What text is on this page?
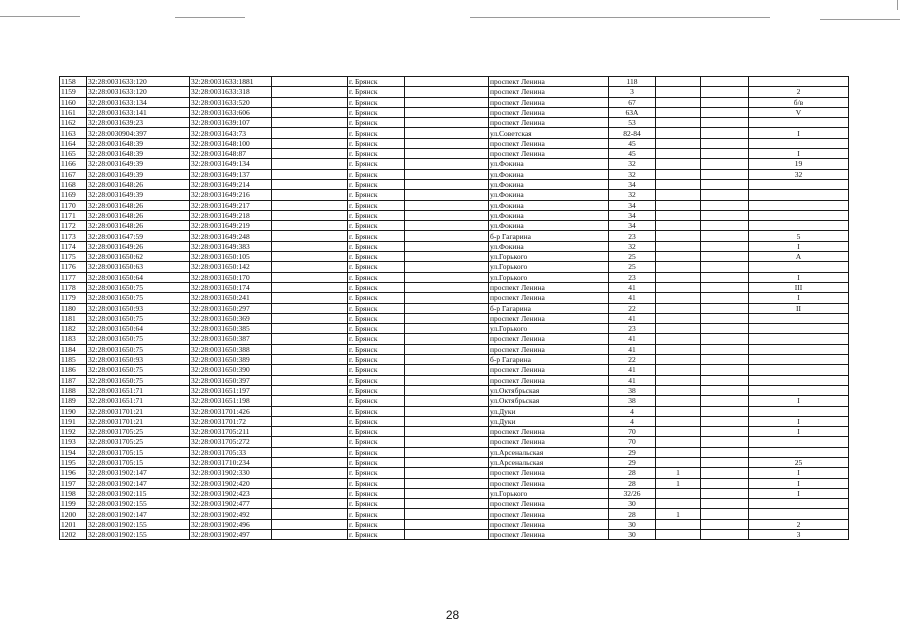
1158	32:28:0031633:120	32:28:0031633:1881		г. Брянск		проспект Ленина	118			
1159	32:28:0031633:120	32:28:0031633:318		г. Брянск		проспект Ленина	3			2
1160	32:28:0031633:134	32:28:0031633:520		г. Брянск		проспект Ленина	67			б/в
1161	32:28:0031633:141	32:28:0031633:606		г. Брянск		проспект Ленина	63А			V
1162	32:28:0031639:23	32:28:0031639:107		г. Брянск		проспект Ленина	53			
1163	32:28:0030904:397	32:28:0031643:73		г. Брянск		ул.Советская	82-84			I
1164	32:28:0031648:39	32:28:0031648:100		г. Брянск		проспект Ленина	45			
1165	32:28:0031648:39	32:28:0031648:87		г. Брянск		проспект Ленина	45			I
1166	32:28:0031649:39	32:28:0031649:134		г. Брянск		ул.Фокина	32			19
1167	32:28:0031649:39	32:28:0031649:137		г. Брянск		ул.Фокина	32			32
1168	32:28:0031648:26	32:28:0031649:214		г. Брянск		ул.Фокина	34			
1169	32:28:0031649:39	32:28:0031649:216		г. Брянск		ул.Фокина	32			
1170	32:28:0031648:26	32:28:0031649:217		г. Брянск		ул.Фокина	34			
1171	32:28:0031648:26	32:28:0031649:218		г. Брянск		ул.Фокина	34			
1172	32:28:0031648:26	32:28:0031649:219		г. Брянск		ул.Фокина	34			
1173	32:28:0031647:59	32:28:0031649:248		г. Брянск		б-р Гагарина	23			5
1174	32:28:0031649:26	32:28:0031649:383		г. Брянск		ул.Фокина	32			I
1175	32:28:0031650:62	32:28:0031650:105		г. Брянск		ул.Горького	25			А
1176	32:28:0031650:63	32:28:0031650:142		г. Брянск		ул.Горького	25			
1177	32:28:0031650:64	32:28:0031650:170		г. Брянск		ул.Горького	23			I
1178	32:28:0031650:75	32:28:0031650:174		г. Брянск		проспект Ленина	41			III
1179	32:28:0031650:75	32:28:0031650:241		г. Брянск		проспект Ленина	41			I
1180	32:28:0031650:93	32:28:0031650:297		г. Брянск		б-р Гагарина	22			II
1181	32:28:0031650:75	32:28:0031650:369		г. Брянск		проспект Ленина	41			
1182	32:28:0031650:64	32:28:0031650:385		г. Брянск		ул.Горького	23			
1183	32:28:0031650:75	32:28:0031650:387		г. Брянск		проспект Ленина	41			
1184	32:28:0031650:75	32:28:0031650:388		г. Брянск		проспект Ленина	41			
1185	32:28:0031650:93	32:28:0031650:389		г. Брянск		б-р Гагарина	22			
1186	32:28:0031650:75	32:28:0031650:390		г. Брянск		проспект Ленина	41			
1187	32:28:0031650:75	32:28:0031650:397		г. Брянск		проспект Ленина	41			
1188	32:28:0031651:71	32:28:0031651:197		г. Брянск		ул.Октябрьская	38			
1189	32:28:0031651:71	32:28:0031651:198		г. Брянск		ул.Октябрьская	38			I
1190	32:28:0031701:21	32:28:0031701:426		г. Брянск		ул.Дуки	4			
1191	32:28:0031701:21	32:28:0031701:72		г. Брянск		ул.Дуки	4			I
1192	32:28:0031705:25	32:28:0031705:211		г. Брянск		проспект Ленина	70			I
1193	32:28:0031705:25	32:28:0031705:272		г. Брянск		проспект Ленина	70			
1194	32:28:0031705:15	32:28:0031705:33		г. Брянск		ул.Арсенальская	29			
1195	32:28:0031705:15	32:28:0031710:234		г. Брянск		ул.Арсенальская	29			25
1196	32:28:0031902:147	32:28:0031902:330		г. Брянск		проспект Ленина	28	1		I
1197	32:28:0031902:147	32:28:0031902:420		г. Брянск		проспект Ленина	28	1		I
1198	32:28:0031902:115	32:28:0031902:423		г. Брянск		ул.Горького	32/26			I
1199	32:28:0031902:155	32:28:0031902:477		г. Брянск		проспект Ленина	30			
1200	32:28:0031902:147	32:28:0031902:492		г. Брянск		проспект Ленина	28	1		
1201	32:28:0031902:155	32:28:0031902:496		г. Брянск		проспект Ленина	30			2
1202	32:28:0031902:155	32:28:0031902:497		г. Брянск		проспект Ленина	30			3
28
